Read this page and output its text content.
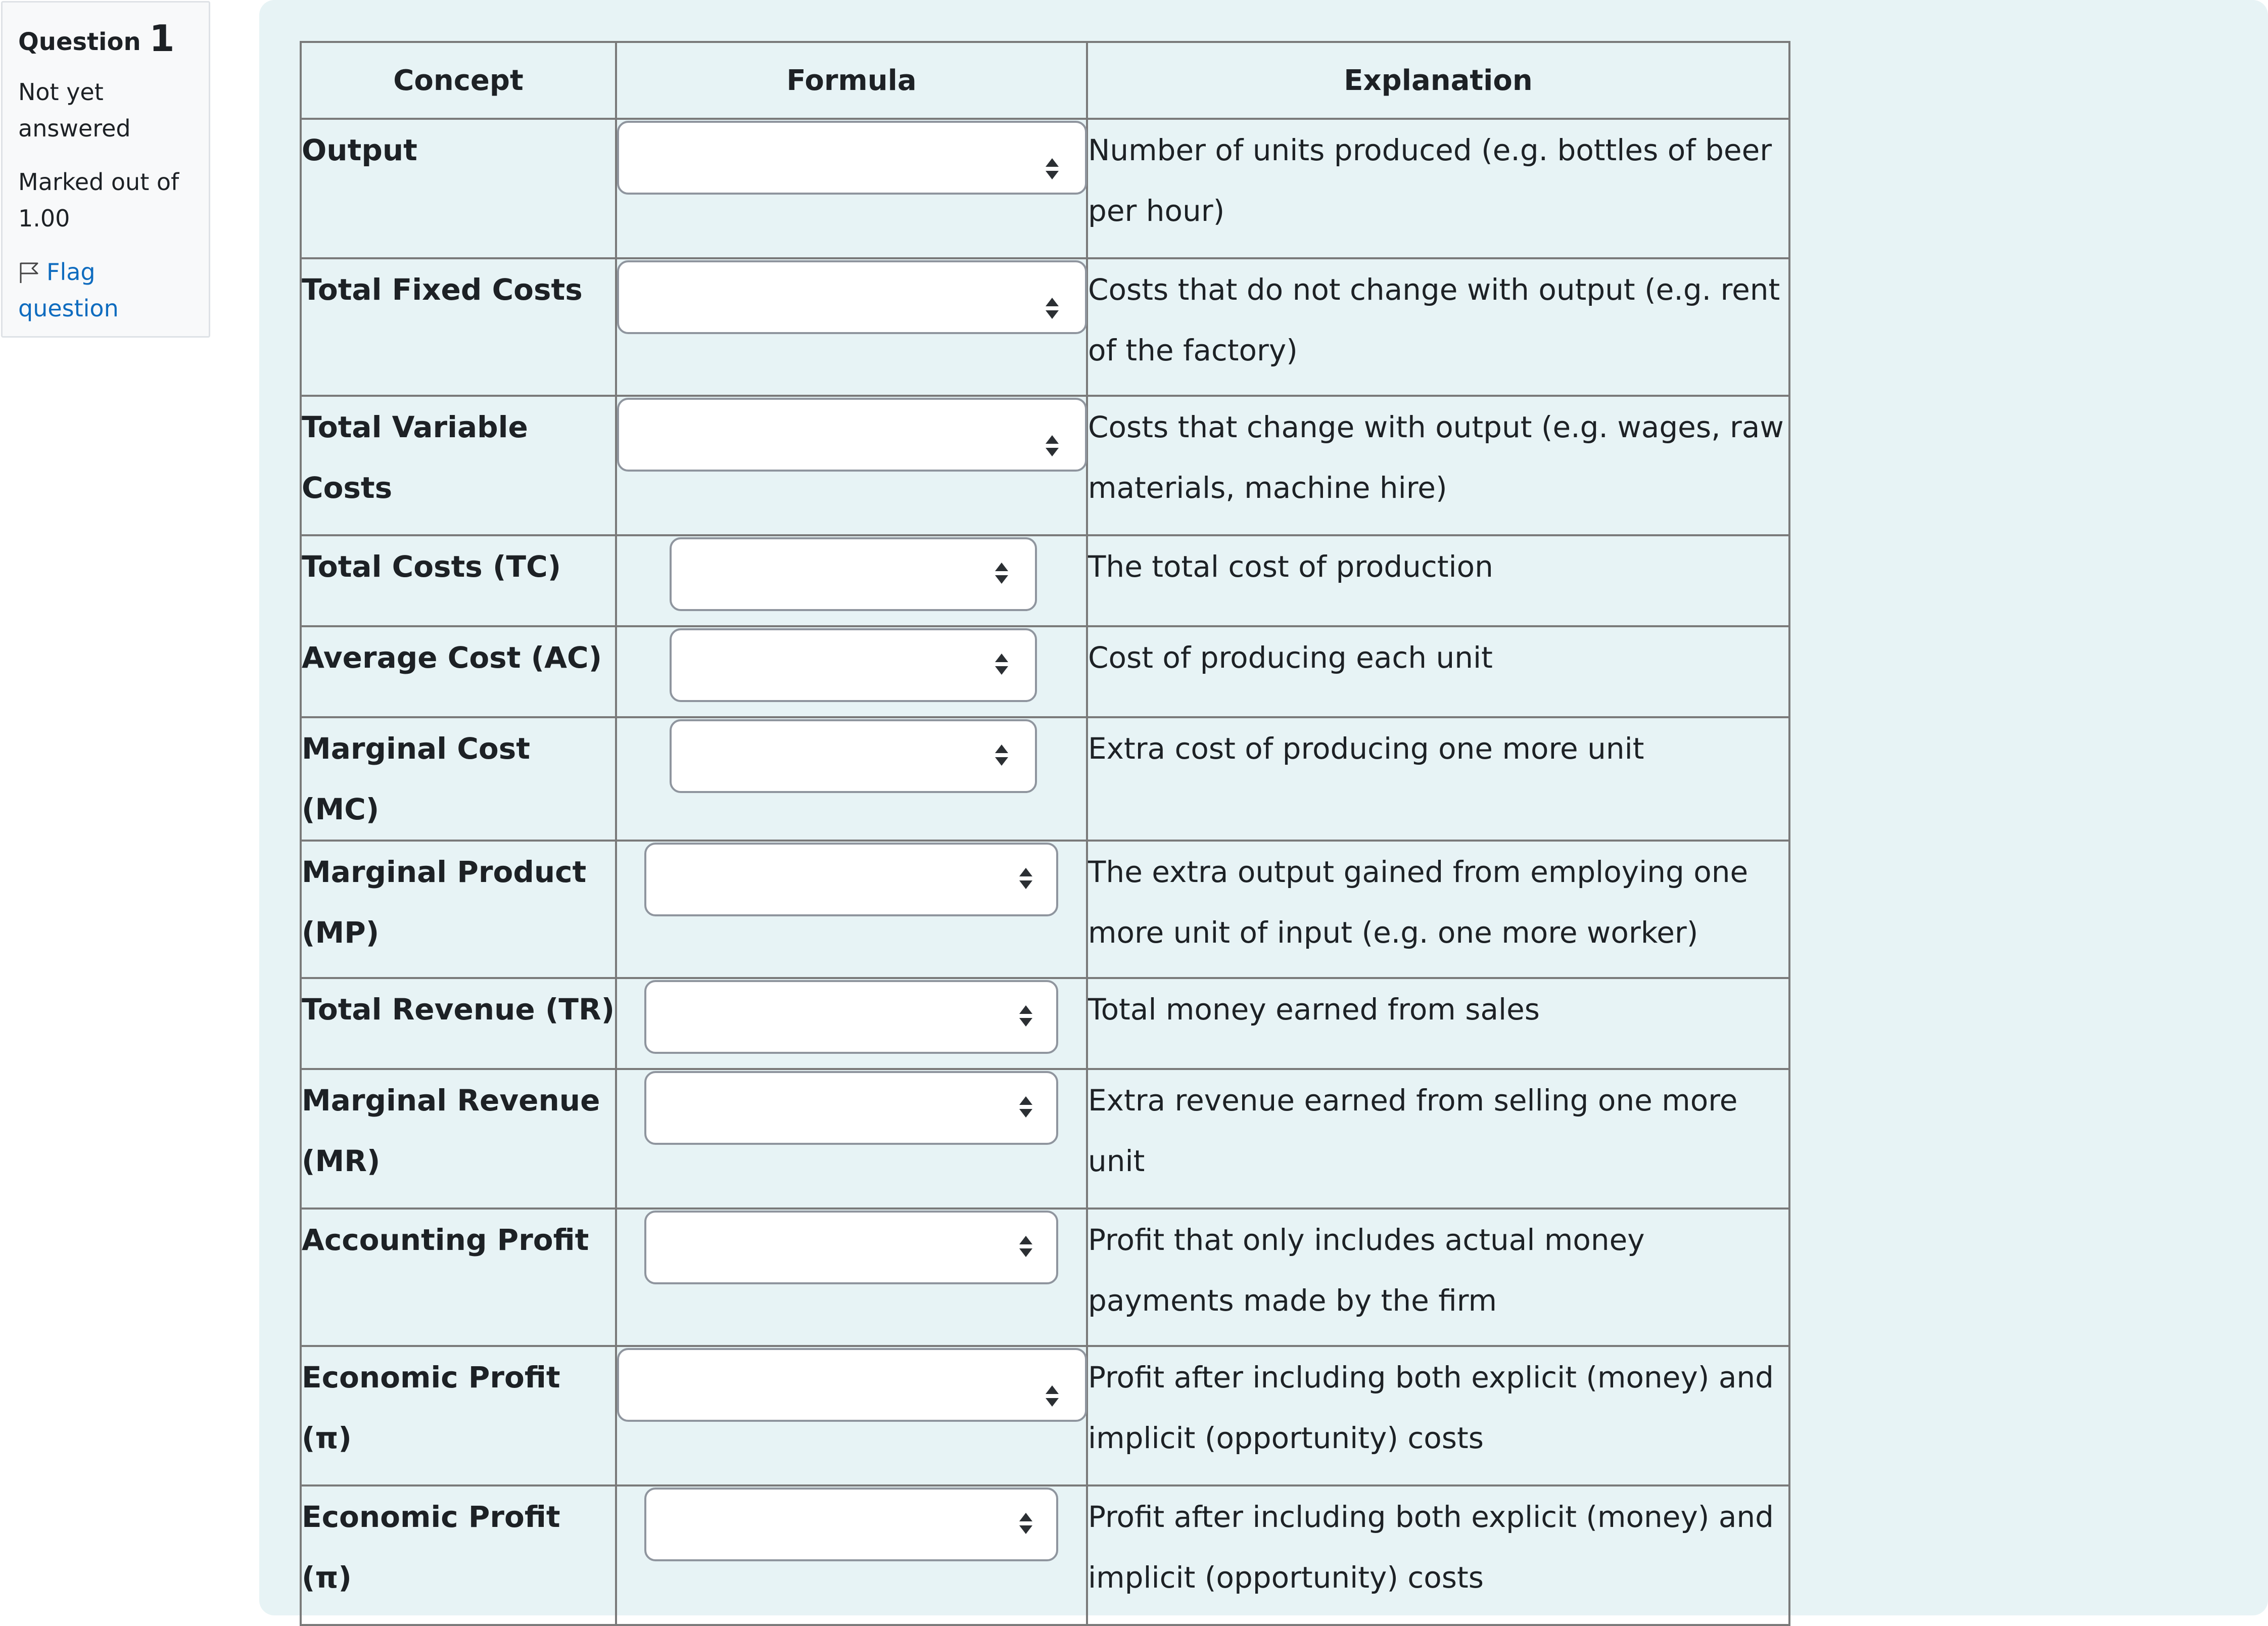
Question 1
Not yet
answered
Marked out of
1.00
Flag
question
Concept	Formula	Explanation
Output		Number of units produced (e.g. bottles of beer per hour)
Total Fixed Costs		Costs that do not change with output (e.g. rent of the factory)
Total Variable Costs		Costs that change with output (e.g. wages, raw materials, machine hire)
Total Costs (TC)		The total cost of production
Average Cost (AC)		Cost of producing each unit
Marginal Cost (MC)		Extra cost of producing one more unit
Marginal Product (MP)		The extra output gained from employing one more unit of input (e.g. one more worker)
Total Revenue (TR)		Total money earned from sales
Marginal Revenue (MR)		Extra revenue earned from selling one more unit
Accounting Profit		Profit that only includes actual money payments made by the firm
Economic Profit (π)		Profit after including both explicit (money) and implicit (opportunity) costs
Economic Profit (π)		Profit after including both explicit (money) and implicit (opportunity) costs
